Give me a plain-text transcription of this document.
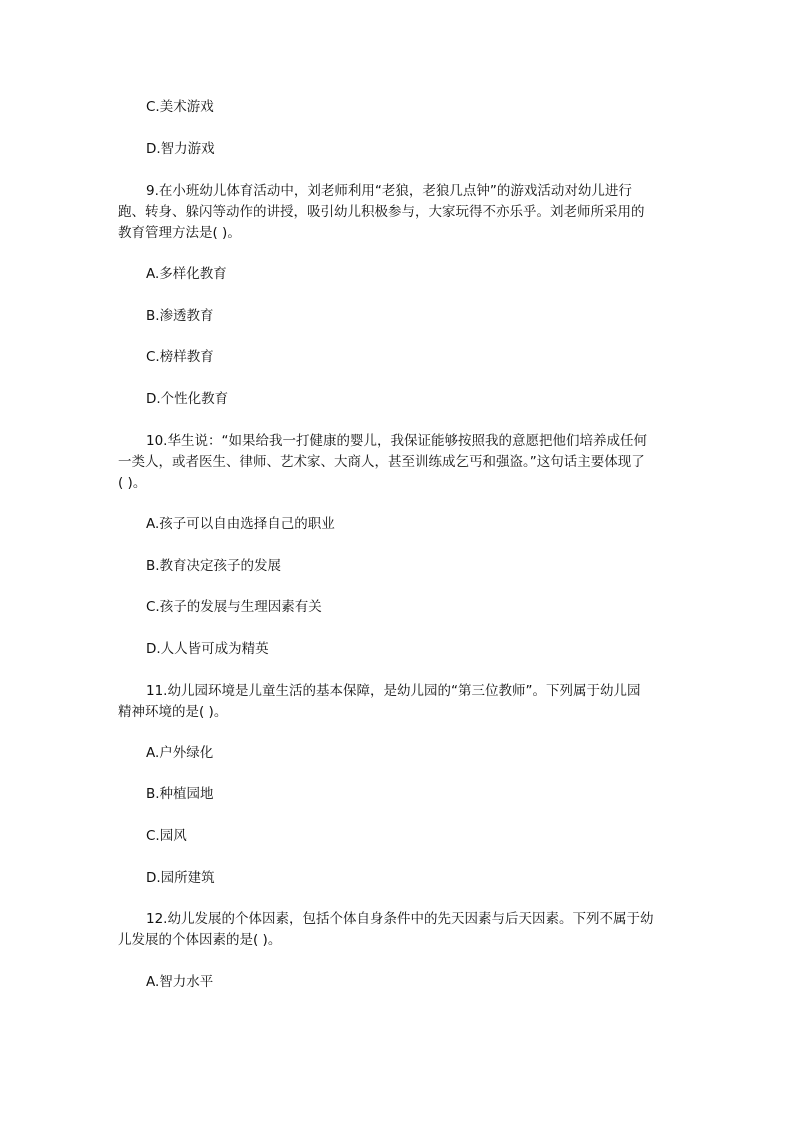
C.美术游戏
D.智力游戏
9.在小班幼儿体育活动中，刘老师利用“老狼，老狼几点钟”的游戏活动对幼儿进行
跑、转身、躲闪等动作的讲授，吸引幼儿积极参与，大家玩得不亦乐乎。刘老师所采用的
教育管理方法是( )。
A.多样化教育
B.渗透教育
C.榜样教育
D.个性化教育
10.华生说：“如果给我一打健康的婴儿，我保证能够按照我的意愿把他们培养成任何
一类人，或者医生、律师、艺术家、大商人，甚至训练成乞丐和强盗。”这句话主要体现了
( )。
A.孩子可以自由选择自己的职业
B.教育决定孩子的发展
C.孩子的发展与生理因素有关
D.人人皆可成为精英
11.幼儿园环境是儿童生活的基本保障，是幼儿园的“第三位教师”。下列属于幼儿园
精神环境的是( )。
A.户外绿化
B.种植园地
C.园风
D.园所建筑
12.幼儿发展的个体因素，包括个体自身条件中的先天因素与后天因素。下列不属于幼
儿发展的个体因素的是( )。
A.智力水平
